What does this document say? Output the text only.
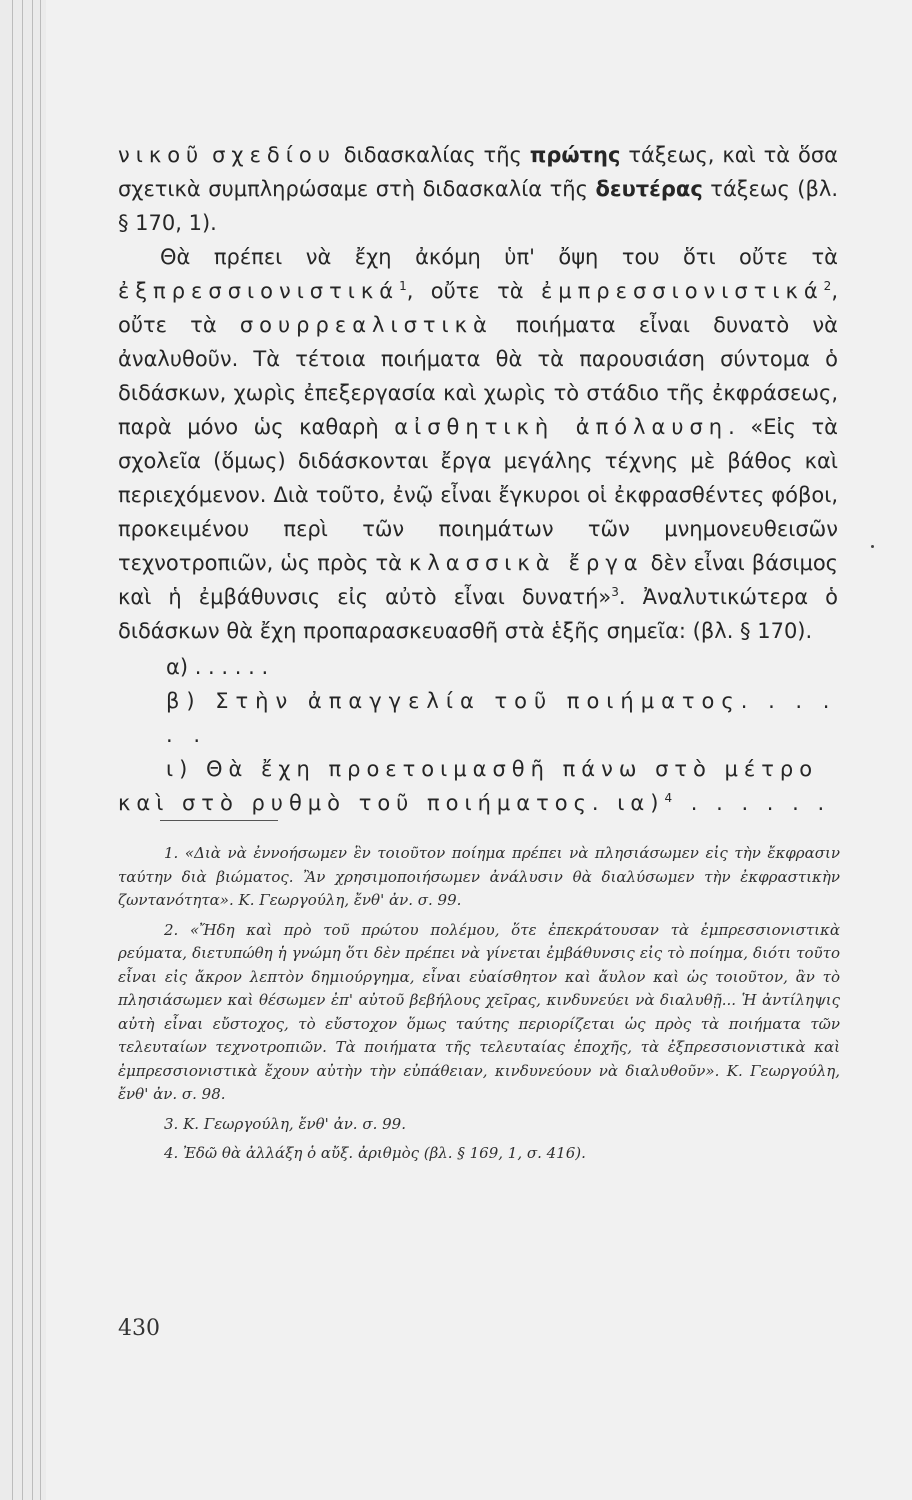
νικοῦ σχεδίου διδασκαλίας τῆς πρώτης τάξεως, καὶ τὰ ὅσα σχετικὰ συμπληρώσαμε στὴ διδασκαλία τῆς δευτέρας τάξεως (βλ. § 170, 1).

Θὰ πρέπει νὰ ἔχη ἀκόμη ὑπ' ὄψη του ὅτι οὔτε τὰ ἐξπρεσσιονιστικά$^1$, οὔτε τὰ ἐμπρεσσιονιστικά$^2$, οὔτε τὰ σουρρεαλιστικὰ ποιήματα εἶναι δυνατὸ νὰ ἀναλυθοῦν. Τὰ τέτοια ποιήματα θὰ τὰ παρουσιάση σύντομα ὁ διδάσκων, χωρὶς ἐπεξεργασία καὶ χωρὶς τὸ στάδιο τῆς ἐκφράσεως, παρὰ μόνο ὡς καθαρὴ αἰσθητικὴ ἀπόλαυση. «Εἰς τὰ σχολεῖα (ὅμως) διδάσκονται ἔργα μεγάλης τέχνης μὲ βάθος καὶ περιεχόμενον. Διὰ τοῦτο, ἐνῷ εἶναι ἔγκυροι οἱ ἐκφρασθέντες φόβοι, προκειμένου περὶ τῶν ποιημάτων τῶν μνημονευθεισῶν τεχνοτροπιῶν, ὡς πρὸς τὰ κλασσικὰ ἔργα δὲν εἶναι βάσιμος καὶ ἡ ἐμβάθυνσις εἰς αὐτὸ εἶναι δυνατή»$^3$. Ἀναλυτικώτερα ὁ διδάσκων θὰ ἔχη προπαρασκευασθῆ στὰ ἑξῆς σημεῖα: (βλ. § 170).

α) . . . . . .
β) Στὴν ἀπαγγελία τοῦ ποιήματος. . . . . .
ι) Θὰ ἔχη προετοιμασθῆ πάνω στὸ μέτρο καὶ στὸ ρυθμὸ τοῦ ποιήματος. ια)$^4$ . . . . . .

1. «Διὰ νὰ ἐννοήσωμεν ἓν τοιοῦτον ποίημα πρέπει νὰ πλησιάσωμεν εἰς τὴν ἔκφρασιν ταύτην διὰ βιώματος. Ἂν χρησιμοποιήσωμεν ἀνάλυσιν θὰ διαλύσωμεν τὴν ἐκφραστικὴν ζωντανότητα». Κ. Γεωργούλη, ἔνθ' ἀν. σ. 99.

2. «Ἤδη καὶ πρὸ τοῦ πρώτου πολέμου, ὅτε ἐπεκράτουσαν τὰ ἐμπρεσσιονιστικὰ ρεύματα, διετυπώθη ἡ γνώμη ὅτι δὲν πρέπει νὰ γίνεται ἐμβάθυνσις εἰς τὸ ποίημα, διότι τοῦτο εἶναι εἰς ἄκρον λεπτὸν δημιούργημα, εἶναι εὐαίσθητον καὶ ἄυλον καὶ ὡς τοιοῦτον, ἂν τὸ πλησιάσωμεν καὶ θέσωμεν ἐπ' αὐτοῦ βεβήλους χεῖρας, κινδυνεύει νὰ διαλυθῇ... Ἡ ἀντίληψις αὐτὴ εἶναι εὔστοχος, τὸ εὔστοχον ὅμως ταύτης περιορίζεται ὡς πρὸς τὰ ποιήματα τῶν τελευταίων τεχνοτροπιῶν. Τὰ ποιήματα τῆς τελευταίας ἐποχῆς, τὰ ἐξπρεσσιονιστικὰ καὶ ἐμπρεσσιονιστικὰ ἔχουν αὐτὴν τὴν εὐπάθειαν, κινδυνεύουν νὰ διαλυθοῦν». Κ. Γεωργούλη, ἔνθ' ἀν. σ. 98.

3. Κ. Γεωργούλη, ἔνθ' ἀν. σ. 99.

4. Ἐδῶ θὰ ἀλλάξη ὁ αὔξ. ἀριθμὸς (βλ. § 169, 1, σ. 416).

430
